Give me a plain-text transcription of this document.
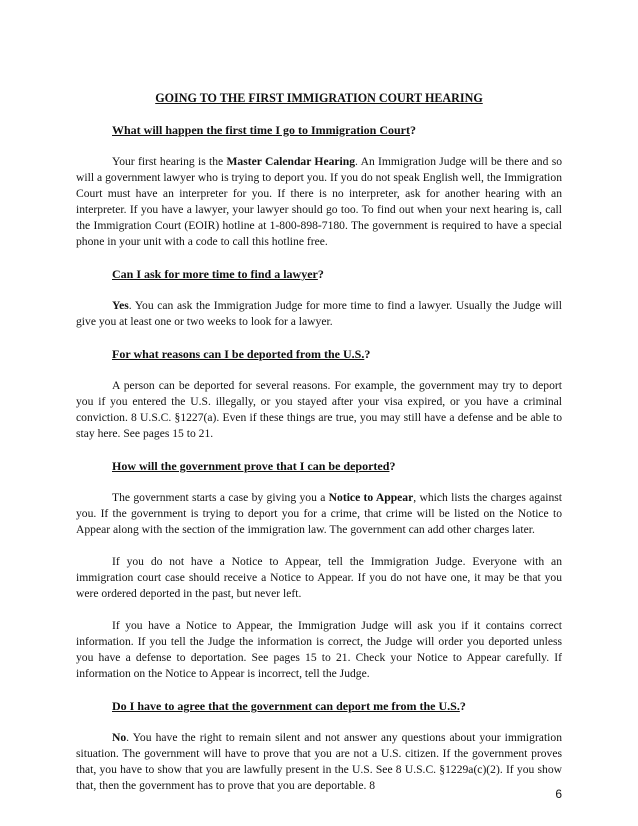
GOING TO THE FIRST IMMIGRATION COURT HEARING
What will happen the first time I go to Immigration Court?
Your first hearing is the Master Calendar Hearing. An Immigration Judge will be there and so will a government lawyer who is trying to deport you. If you do not speak English well, the Immigration Court must have an interpreter for you. If there is no interpreter, ask for another hearing with an interpreter. If you have a lawyer, your lawyer should go too. To find out when your next hearing is, call the Immigration Court (EOIR) hotline at 1-800-898-7180. The government is required to have a special phone in your unit with a code to call this hotline free.
Can I ask for more time to find a lawyer?
Yes. You can ask the Immigration Judge for more time to find a lawyer. Usually the Judge will give you at least one or two weeks to look for a lawyer.
For what reasons can I be deported from the U.S.?
A person can be deported for several reasons. For example, the government may try to deport you if you entered the U.S. illegally, or you stayed after your visa expired, or you have a criminal conviction. 8 U.S.C. §1227(a). Even if these things are true, you may still have a defense and be able to stay here. See pages 15 to 21.
How will the government prove that I can be deported?
The government starts a case by giving you a Notice to Appear, which lists the charges against you. If the government is trying to deport you for a crime, that crime will be listed on the Notice to Appear along with the section of the immigration law. The government can add other charges later.
If you do not have a Notice to Appear, tell the Immigration Judge. Everyone with an immigration court case should receive a Notice to Appear. If you do not have one, it may be that you were ordered deported in the past, but never left.
If you have a Notice to Appear, the Immigration Judge will ask you if it contains correct information. If you tell the Judge the information is correct, the Judge will order you deported unless you have a defense to deportation. See pages 15 to 21. Check your Notice to Appear carefully. If information on the Notice to Appear is incorrect, tell the Judge.
Do I have to agree that the government can deport me from the U.S.?
No. You have the right to remain silent and not answer any questions about your immigration situation. The government will have to prove that you are not a U.S. citizen. If the government proves that, you have to show that you are lawfully present in the U.S. See 8 U.S.C. §1229a(c)(2). If you show that, then the government has to prove that you are deportable. 8
6
